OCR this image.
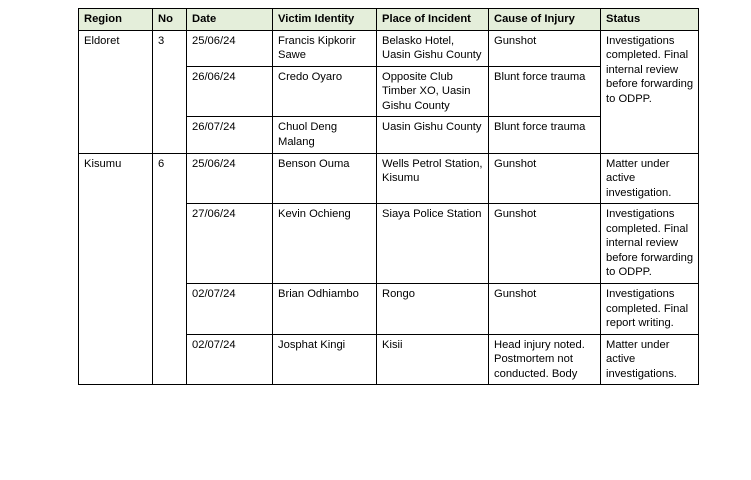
Region	No	Date	Victim Identity	Place of Incident	Cause of Injury	Status
Eldoret	3	25/06/24	Francis Kipkorir Sawe	Belasko Hotel, Uasin Gishu County	Gunshot	Investigations completed. Final internal review before forwarding to ODPP.
		26/06/24	Credo Oyaro	Opposite Club Timber XO, Uasin Gishu County	Blunt force trauma	
		26/07/24	Chuol Deng Malang	Uasin Gishu County	Blunt force trauma	
Kisumu	6	25/06/24	Benson Ouma	Wells Petrol Station, Kisumu	Gunshot	Matter under active investigation.
		27/06/24	Kevin Ochieng	Siaya Police Station	Gunshot	Investigations completed. Final internal review before forwarding to ODPP.
		02/07/24	Brian Odhiambo	Rongo	Gunshot	Investigations completed. Final report writing.
		02/07/24	Josphat Kingi	Kisii	Head injury noted. Postmortem not conducted. Body	Matter under active investigations.
